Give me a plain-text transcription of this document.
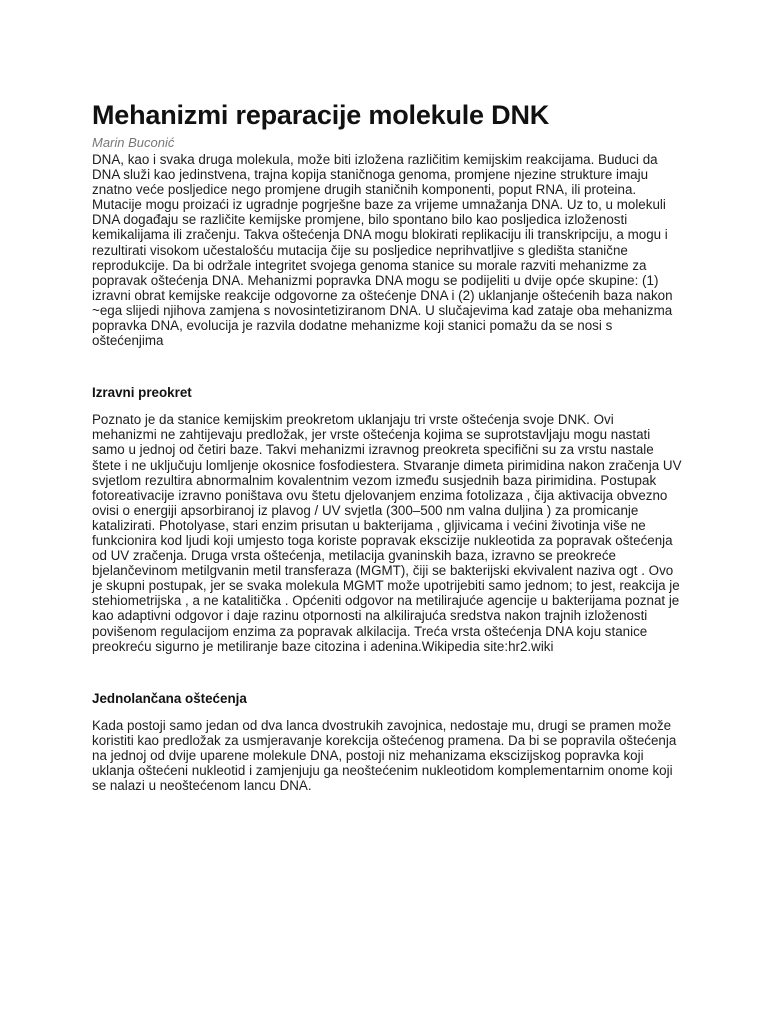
Mehanizmi reparacije molekule DNK

Marin Buconić

DNA, kao i svaka druga molekula, može biti izložena različitim kemijskim reakcijama. Buduci da DNA služi kao jedinstvena, trajna kopija staničnoga genoma, promjene njezine strukture imaju znatno veće posljedice nego promjene drugih staničnih komponenti, poput RNA, ili proteina. Mutacije mogu proizaći iz ugradnje pogrješne baze za vrijeme umnažanja DNA. Uz to, u molekuli DNA događaju se različite kemijske promjene, bilo spontano bilo kao posljedica izloženosti kemikalijama ili zračenju. Takva oštećenja DNA mogu blokirati replikaciju ili transkripciju, a mogu i rezultirati visokom učestalošću mutacija čije su posljedice neprihvatljive s gledišta stanične reprodukcije. Da bi održale integritet svojega genoma stanice su morale razviti mehanizme za popravak oštećenja DNA. Mehanizmi popravka DNA mogu se podijeliti u dvije opće skupine: (1) izravni obrat kemijske reakcije odgovorne za oštećenje DNA i (2) uklanjanje oštećenih baza nakon ~ega slijedi njihova zamjena s novosintetiziranom DNA. U slučajevima kad zataje oba mehanizma popravka DNA, evolucija je razvila dodatne mehanizme koji stanici pomažu da se nosi s oštećenjima

Izravni preokret

Poznato je da stanice kemijskim preokretom uklanjaju tri vrste oštećenja svoje DNK. Ovi mehanizmi ne zahtijevaju predložak, jer vrste oštećenja kojima se suprotstavljaju mogu nastati samo u jednoj od četiri baze. Takvi mehanizmi izravnog preokreta specifični su za vrstu nastale štete i ne uključuju lomljenje okosnice fosfodiestera. Stvaranje dimeta pirimidina nakon zračenja UV svjetlom rezultira abnormalnim kovalentnim vezom između susjednih baza pirimidina. Postupak fotoreativacije izravno poništava ovu štetu djelovanjem enzima fotolizaza , čija aktivacija obvezno ovisi o energiji apsorbiranoj iz plavog / UV svjetla (300–500 nm valna duljina ) za promicanje katalizirati. Photolyase, stari enzim prisutan u bakterijama , gljivicama i većini životinja više ne funkcionira kod ljudi koji umjesto toga koriste popravak ekscizije nukleotida za popravak oštećenja od UV zračenja. Druga vrsta oštećenja, metilacija gvaninskih baza, izravno se preokreće bjelančevinom metilgvanin metil transferaza (MGMT), čiji se bakterijski ekvivalent naziva ogt . Ovo je skupni postupak, jer se svaka molekula MGMT može upotrijebiti samo jednom; to jest, reakcija je stehiometrijska , a ne katalitička . Općeniti odgovor na metilirajuće agencije u bakterijama poznat je kao adaptivni odgovor i daje razinu otpornosti na alkilirajuća sredstva nakon trajnih izloženosti povišenom regulacijom enzima za popravak alkilacija. Treća vrsta oštećenja DNA koju stanice preokreću sigurno je metiliranje baze citozina i adenina.Wikipedia site:hr2.wiki

Jednolančana oštećenja

Kada postoji samo jedan od dva lanca dvostrukih zavojnica, nedostaje mu, drugi se pramen može koristiti kao predložak za usmjeravanje korekcija oštećenog pramena. Da bi se popravila oštećenja na jednoj od dvije uparene molekule DNA, postoji niz mehanizama ekscizijskog popravka koji uklanja oštećeni nukleotid i zamjenjuju ga neoštećenim nukleotidom komplementarnim onome koji se nalazi u neoštećenom lancu DNA.
